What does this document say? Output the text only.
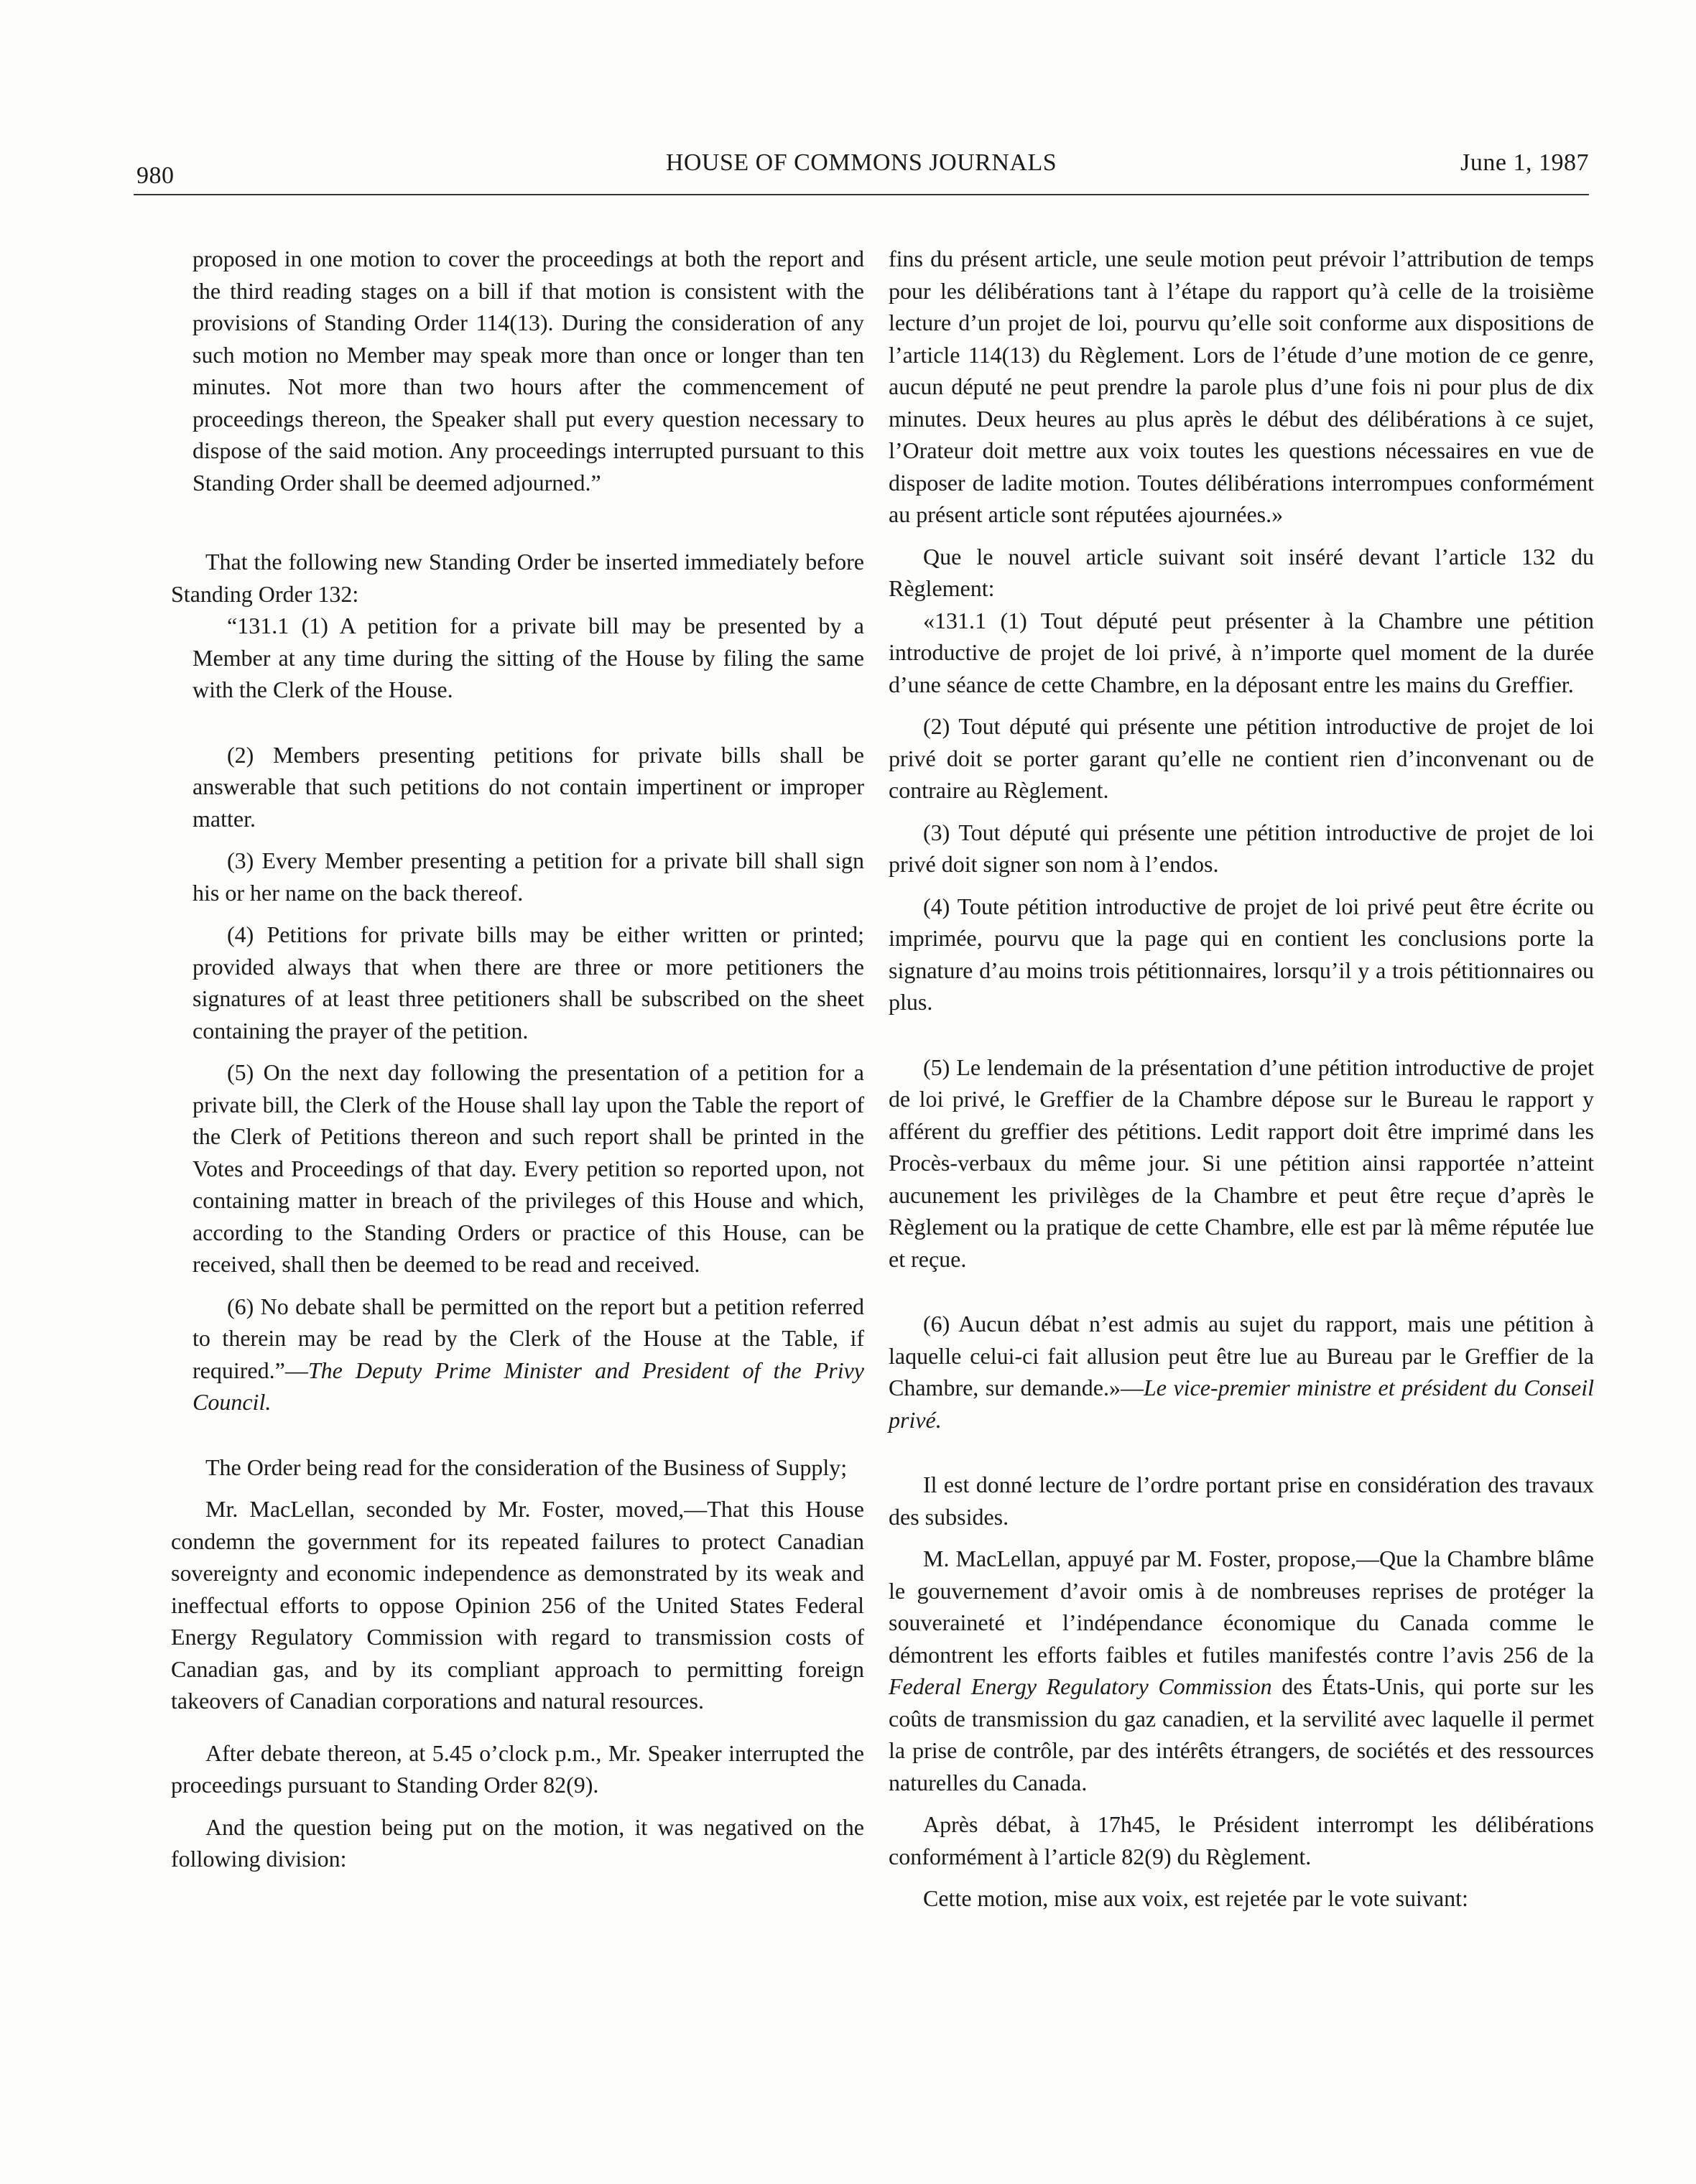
980	HOUSE OF COMMONS JOURNALS	June 1, 1987

proposed in one motion to cover the proceedings at both the report and the third reading stages on a bill if that motion is consistent with the provisions of Standing Order 114(13). During the consideration of any such motion no Member may speak more than once or longer than ten minutes. Not more than two hours after the commencement of proceedings thereon, the Speaker shall put every question necessary to dispose of the said motion. Any proceedings interrupted pursuant to this Standing Order shall be deemed adjourned.”

That the following new Standing Order be inserted immediately before Standing Order 132:

“131.1 (1) A petition for a private bill may be presented by a Member at any time during the sitting of the House by filing the same with the Clerk of the House.

(2) Members presenting petitions for private bills shall be answerable that such petitions do not contain impertinent or improper matter.

(3) Every Member presenting a petition for a private bill shall sign his or her name on the back thereof.

(4) Petitions for private bills may be either written or printed; provided always that when there are three or more petitioners the signatures of at least three petitioners shall be subscribed on the sheet containing the prayer of the petition.

(5) On the next day following the presentation of a petition for a private bill, the Clerk of the House shall lay upon the Table the report of the Clerk of Petitions thereon and such report shall be printed in the Votes and Proceedings of that day. Every petition so reported upon, not containing matter in breach of the privileges of this House and which, according to the Standing Orders or practice of this House, can be received, shall then be deemed to be read and received.

(6) No debate shall be permitted on the report but a petition referred to therein may be read by the Clerk of the House at the Table, if required.”—The Deputy Prime Minister and President of the Privy Council.

The Order being read for the consideration of the Business of Supply;

Mr. MacLellan, seconded by Mr. Foster, moved,—That this House condemn the government for its repeated failures to protect Canadian sovereignty and economic independence as demonstrated by its weak and ineffectual efforts to oppose Opinion 256 of the United States Federal Energy Regulatory Commission with regard to transmission costs of Canadian gas, and by its compliant approach to permitting foreign takeovers of Canadian corporations and natural resources.

After debate thereon, at 5.45 o’clock p.m., Mr. Speaker interrupted the proceedings pursuant to Standing Order 82(9).

And the question being put on the motion, it was negatived on the following division:

fins du présent article, une seule motion peut prévoir l’attribution de temps pour les délibérations tant à l’étape du rapport qu’à celle de la troisième lecture d’un projet de loi, pourvu qu’elle soit conforme aux dispositions de l’article 114(13) du Règlement. Lors de l’étude d’une motion de ce genre, aucun député ne peut prendre la parole plus d’une fois ni pour plus de dix minutes. Deux heures au plus après le début des délibérations à ce sujet, l’Orateur doit mettre aux voix toutes les questions nécessaires en vue de disposer de ladite motion. Toutes délibérations interrompues conformément au présent article sont réputées ajournées.»

Que le nouvel article suivant soit inséré devant l’article 132 du Règlement:

«131.1 (1) Tout député peut présenter à la Chambre une pétition introductive de projet de loi privé, à n’importe quel moment de la durée d’une séance de cette Chambre, en la déposant entre les mains du Greffier.

(2) Tout député qui présente une pétition introductive de projet de loi privé doit se porter garant qu’elle ne contient rien d’inconvenant ou de contraire au Règlement.

(3) Tout député qui présente une pétition introductive de projet de loi privé doit signer son nom à l’endos.

(4) Toute pétition introductive de projet de loi privé peut être écrite ou imprimée, pourvu que la page qui en contient les conclusions porte la signature d’au moins trois pétitionnaires, lorsqu’il y a trois pétitionnaires ou plus.

(5) Le lendemain de la présentation d’une pétition introductive de projet de loi privé, le Greffier de la Chambre dépose sur le Bureau le rapport y afférent du greffier des pétitions. Ledit rapport doit être imprimé dans les Procès-verbaux du même jour. Si une pétition ainsi rapportée n’atteint aucunement les privilèges de la Chambre et peut être reçue d’après le Règlement ou la pratique de cette Chambre, elle est par là même réputée lue et reçue.

(6) Aucun débat n’est admis au sujet du rapport, mais une pétition à laquelle celui-ci fait allusion peut être lue au Bureau par le Greffier de la Chambre, sur demande.»—Le vice-premier ministre et président du Conseil privé.

Il est donné lecture de l’ordre portant prise en considération des travaux des subsides.

M. MacLellan, appuyé par M. Foster, propose,—Que la Chambre blâme le gouvernement d’avoir omis à de nombreuses reprises de protéger la souveraineté et l’indépendance économique du Canada comme le démontrent les efforts faibles et futiles manifestés contre l’avis 256 de la Federal Energy Regulatory Commission des États-Unis, qui porte sur les coûts de transmission du gaz canadien, et la servilité avec laquelle il permet la prise de contrôle, par des intérêts étrangers, de sociétés et des ressources naturelles du Canada.

Après débat, à 17h45, le Président interrompt les délibérations conformément à l’article 82(9) du Règlement.

Cette motion, mise aux voix, est rejetée par le vote suivant:
